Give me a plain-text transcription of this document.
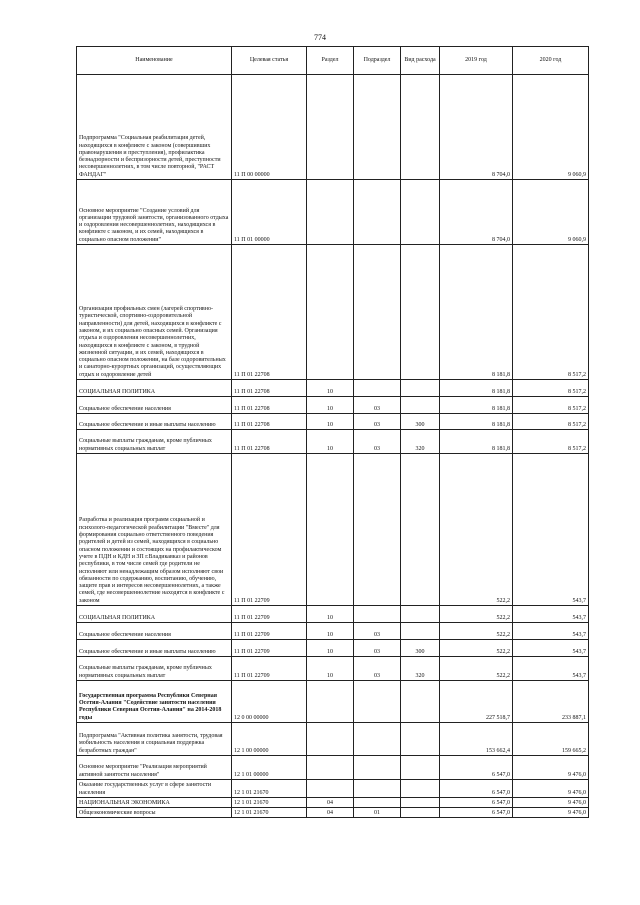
774
Наименование	Целевая статья	Раздел	Подраздел	Вид расхода	2019 год	2020 год
Подпрограмма "Социальная реабилитация детей, находящихся в конфликте с законом (совершивших правонарушения и преступления), профилактика безнадзорности и беспризорности детей, преступности несовершеннолетних, в том числе повторной, "РАСТ ФАНДАГ"	11 П 00 00000				8 704,0	9 060,9
Основное мероприятие "Создание условий для организации трудовой занятости, организованного отдыха и оздоровления несовершеннолетних, находящихся в конфликте с законом, и их семей, находящихся в социально опасном положении"	11 П 01 00000				8 704,0	9 060,9
Организация профильных смен (лагерей спортивно-туристической, спортивно-оздоровительной направленности) для детей, находящихся в конфликте с законом, и их социально опасных семей. Организация отдыха и оздоровления несовершеннолетних, находящихся в конфликте с законом, в трудной жизненной ситуации, и их семей, находящихся в социально опасном положении, на базе оздоровительных и санаторно-курортных организаций, осуществляющих отдых и оздоровление детей	11 П 01 22708				8 181,8	8 517,2
СОЦИАЛЬНАЯ ПОЛИТИКА	11 П 01 22708	10			8 181,8	8 517,2
Социальное обеспечение населения	11 П 01 22708	10	03		8 181,8	8 517,2
Социальное обеспечение и иные выплаты населению	11 П 01 22708	10	03	300	8 181,8	8 517,2
Социальные выплаты гражданам, кроме публичных нормативных социальных выплат	11 П 01 22708	10	03	320	8 181,8	8 517,2
Разработка и реализация программ социальной и психолого-педагогической реабилитации "Вместе" для формирования социально ответственного поведения родителей и детей из семей, находящихся в социально опасном положении и состоящих на профилактическом учете в ПДН и КДН и ЗП г.Владикавказ и районов республики, в том числе семей где родители не исполняют или ненадлежащим образом исполняют свои обязанности по содержанию, воспитанию, обучению, защите прав и интересов несовершеннолетних, а также семей, где несовершеннолетние находятся в конфликте с законом	11 П 01 22709				522,2	543,7
СОЦИАЛЬНАЯ ПОЛИТИКА	11 П 01 22709	10			522,2	543,7
Социальное обеспечение населения	11 П 01 22709	10	03		522,2	543,7
Социальное обеспечение и иные выплаты населению	11 П 01 22709	10	03	300	522,2	543,7
Социальные выплаты гражданам, кроме публичных нормативных социальных выплат	11 П 01 22709	10	03	320	522,2	543,7
Государственная программа Республики Северная Осетия-Алания "Содействие занятости населения Республики Северная Осетия-Алания" на 2014-2018 годы	12 0 00 00000				227 518,7	233 887,1
Подпрограмма "Активная политика занятости, трудовая мобильность населения и социальная поддержка безработных граждан"	12 1 00 00000				153 662,4	159 665,2
Основное мероприятие "Реализация мероприятий активной занятости населения"	12 1 01 00000				6 547,0	9 476,0
Оказание государственных услуг в сфере занятости населения	12 1 01 21670				6 547,0	9 476,0
НАЦИОНАЛЬНАЯ ЭКОНОМИКА	12 1 01 21670	04			6 547,0	9 476,0
Общеэкономические вопросы	12 1 01 21670	04	01		6 547,0	9 476,0
